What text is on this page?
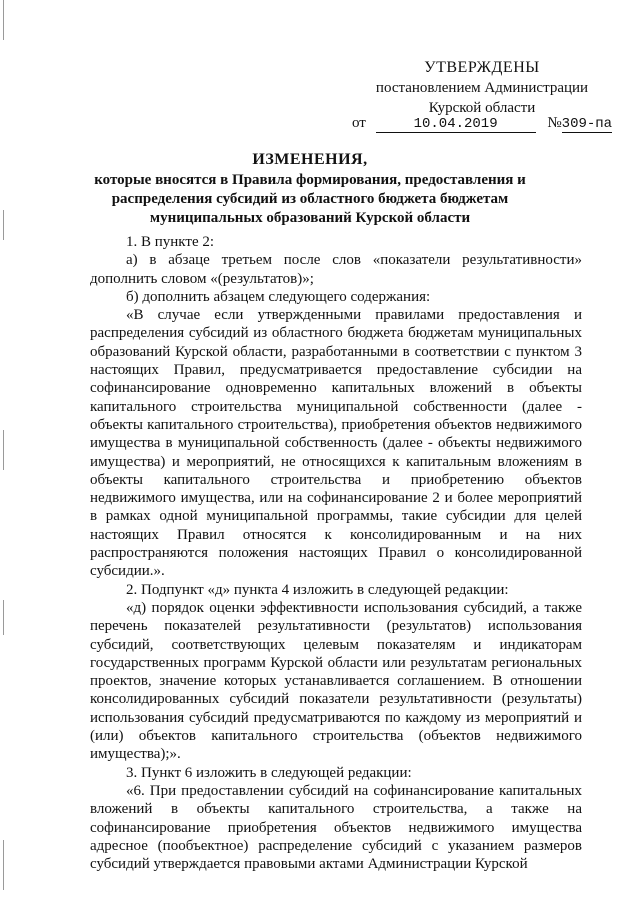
УТВЕРЖДЕНЫ
постановлением Администрации
Курской области
от	10.04.2019	№309-па
ИЗМЕНЕНИЯ,
которые вносятся в Правила формирования, предоставления и
распределения субсидий из областного бюджета бюджетам
муниципальных образований Курской области

1. В пункте 2:

а) в абзаце третьем после слов «показатели результативности» дополнить словом «(результатов)»;

б) дополнить абзацем следующего содержания:

«В случае если утвержденными правилами предоставления и распределения субсидий из областного бюджета бюджетам муниципальных образований Курской области, разработанными в соответствии с пунктом 3 настоящих Правил, предусматривается предоставление субсидии на софинансирование одновременно капитальных вложений в объекты капитального строительства муниципальной собственности (далее - объекты капитального строительства), приобретения объектов недвижимого имущества в муниципальной собственность (далее - объекты недвижимого имущества) и мероприятий, не относящихся к капитальным вложениям в объекты капитального строительства и приобретению объектов недвижимого имущества, или на софинансирование 2 и более мероприятий в рамках одной муниципальной программы, такие субсидии для целей настоящих Правил относятся к консолидированным и на них распространяются положения настоящих Правил о консолидированной субсидии.».

2. Подпункт «д» пункта 4 изложить в следующей редакции:

«д) порядок оценки эффективности использования субсидий, а также перечень показателей результативности (результатов) использования субсидий, соответствующих целевым показателям и индикаторам государственных программ Курской области или результатам региональных проектов, значение которых устанавливается соглашением. В отношении консолидированных субсидий показатели результативности (результаты) использования субсидий предусматриваются по каждому из мероприятий и (или) объектов капитального строительства (объектов недвижимого имущества);».

3. Пункт 6 изложить в следующей редакции:

«6. При предоставлении субсидий на софинансирование капитальных вложений в объекты капитального строительства, а также на софинансирование приобретения объектов недвижимого имущества адресное (пообъектное) распределение субсидий с указанием размеров субсидий утверждается правовыми актами Администрации Курской
